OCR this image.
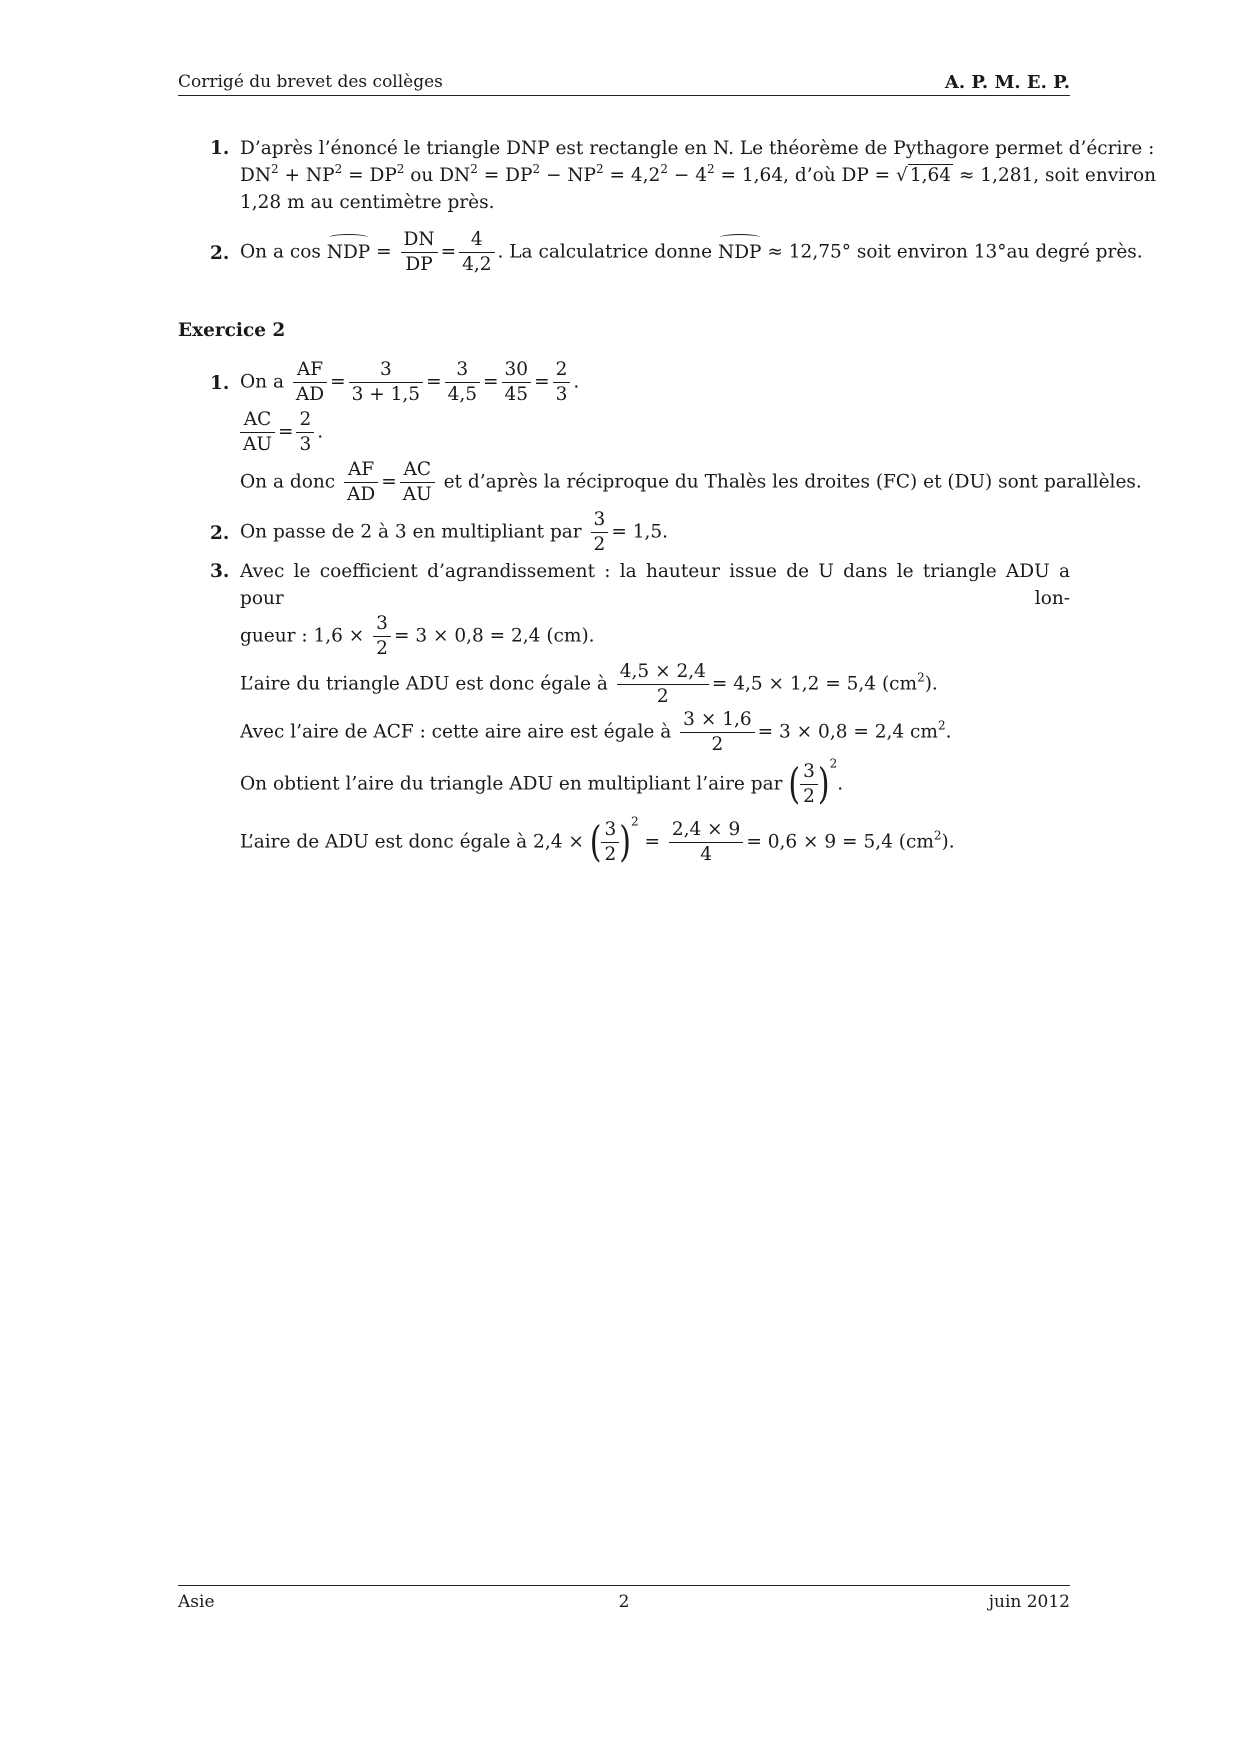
Corrigé du brevet des collèges	A. P. M. E. P.
1. D’après l’énoncé le triangle DNP est rectangle en N. Le théorème de Pythagore permet d’écrire :
$DN^2 + NP^2 = DP^2$ ou $DN^2 = DP^2 - NP^2 = 4,2^2 - 4^2 = 1,64$, d’où DP = √ 1,64 ≈ 1,281, soit environ
1,28 m au centimètre près.
2. On a cos NDP = $\frac{DN}{DP} = \frac{4}{4,2}$ . La calculatrice donne NDP ≈ 12,75° soit environ 13°au degré près.
Exercice 2
1. On a $\frac{AF}{AD} = \frac{3}{3 + 1,5} = \frac{3}{4,5} = \frac{30}{45} = \frac{2}{3}$ .
$\frac{AC}{AU} = \frac{2}{3}$ .
On a donc $\frac{AF}{AD} = \frac{AC}{AU}$ et d’après la réciproque du Thalès les droites (FC) et (DU) sont parallèles.
2. On passe de 2 à 3 en multipliant par $\frac{3}{2} = 1,5$.
3. Avec le coefficient d’agrandissement : la hauteur issue de U dans le triangle ADU a pour lon-
gueur : $1,6 \times \frac{3}{2} = 3 \times 0,8 = 2,4$ (cm).
L’aire du triangle ADU est donc égale à $\frac{4,5 \times 2,4}{2} = 4,5 \times 1,2 = 5,4$ $(cm^2)$.
Avec l’aire de ACF : cette aire aire est égale à $\frac{3 \times 1,6}{2} = 3 \times 0,8 = 2,4$ $cm^2$.
On obtient l’aire du triangle ADU en multipliant l’aire par ( $\frac{3}{2} )^2$.
L’aire de ADU est donc égale à 2,4 × ( $\frac{3}{2} )^2 = \frac{2,4 \times 9}{4} = 0,6 \times 9 = 5,4$ $(cm^2)$.
Asie	2	juin 2012
